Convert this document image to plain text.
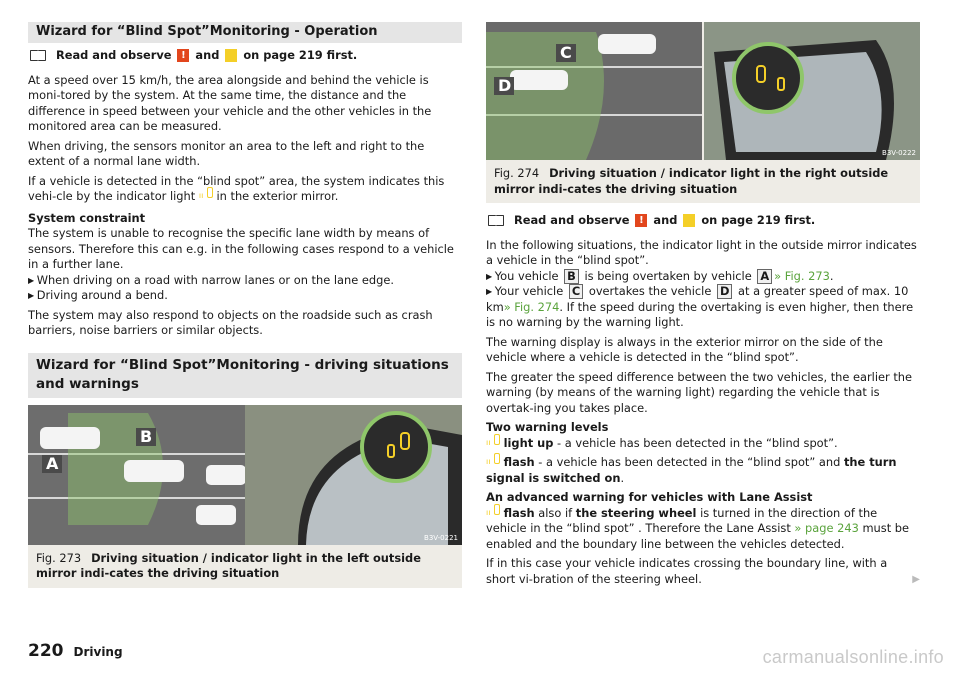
Wizard for “Blind Spot”Monitoring - Operation
Read and observe
!
and

on page 219 first.

At a speed over 15 km/h, the area alongside and behind the vehicle is moni-tored by the system. At the same time, the distance and the difference in speed between your vehicle and the other vehicles in the monitored area can be measured.

When driving, the sensors monitor an area to the left and right to the extent of a normal lane width.

If a vehicle is detected in the “blind spot” area, the system indicates this vehi-cle by the indicator light ıı in the exterior mirror.

System constraint
The system is unable to recognise the specific lane width by means of sensors. Therefore this can e.g. in the following cases respond to a vehicle in a further lane.
▶ When driving on a road with narrow lanes or on the lane edge.
▶ Driving around a bend.

The system may also respond to objects on the roadside such as crash barriers, noise barriers or similar objects.

Wizard for “Blind Spot”Monitoring - driving situations and warnings
A
B
B3V-0221
Fig. 273 Driving situation / indicator light in the left outside mirror indi-cates the driving situation
C
D
B3V-0222
Fig. 274 Driving situation / indicator light in the right outside mirror indi-cates the driving situation
Read and observe
!
and

on page 219 first.

In the following situations, the indicator light in the outside mirror indicates a vehicle in the “blind spot”.
▶ You vehicle B is being overtaken by vehicle A » Fig. 273.
▶ Your vehicle C overtakes the vehicle D at a greater speed of max. 10 km» Fig. 274. If the speed during the overtaking is even higher, then there is no warning by the warning light.

The warning display is always in the exterior mirror on the side of the vehicle where a vehicle is detected in the “blind spot”.

The greater the speed difference between the two vehicles, the earlier the warning (by means of the warning light) regarding the vehicle that is overtak-ing you takes place.

Two warning levels
ıı light up - a vehicle has been detected in the “blind spot”.

ıı flash - a vehicle has been detected in the “blind spot” and the turn signal is switched on.

An advanced warning for vehicles with Lane Assist
ıı flash also if the steering wheel is turned in the direction of the vehicle in the “blind spot” . Therefore the Lane Assist » page 243 must be enabled and the boundary line between the vehicles detected.

If in this case your vehicle indicates crossing the boundary line, with a short vi-bration of the steering wheel.	▶

220 Driving	carmanualsonline.info
